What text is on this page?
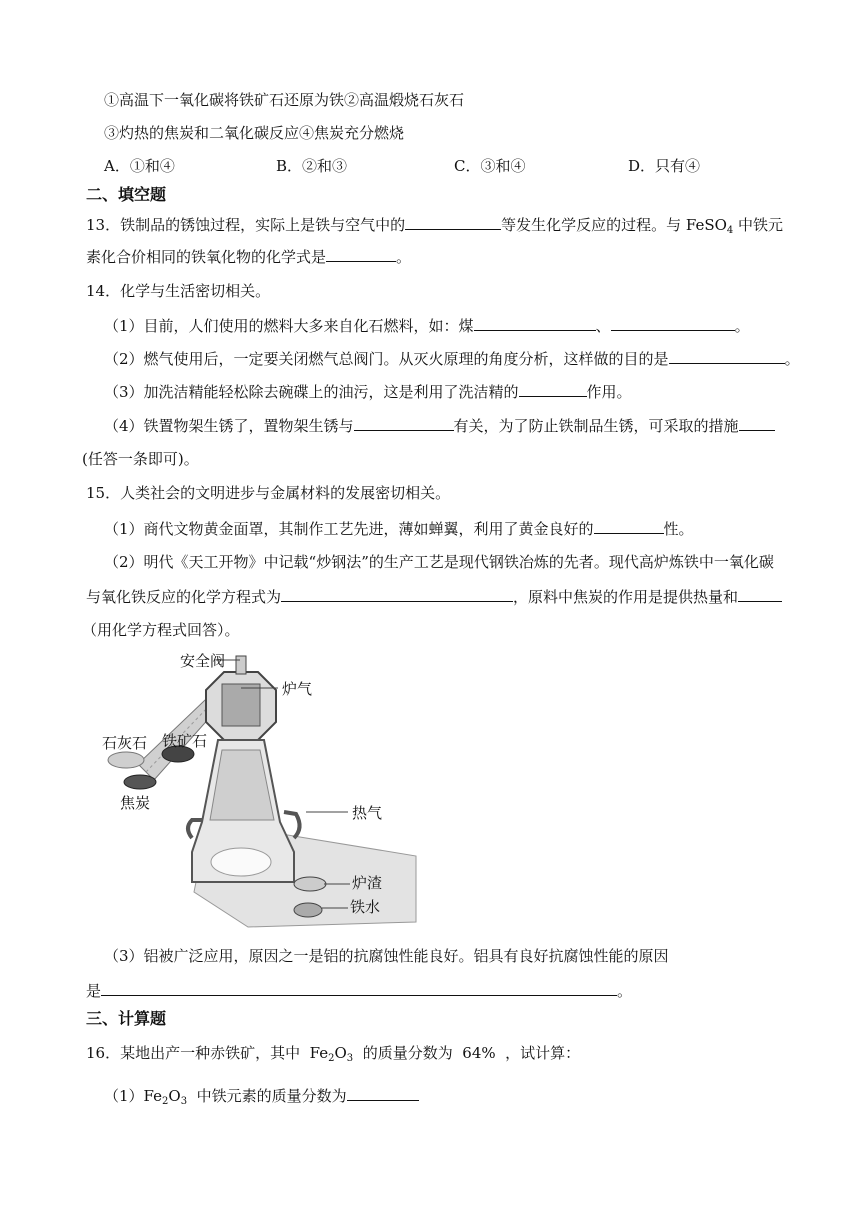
①高温下一氧化碳将铁矿石还原为铁②高温煅烧石灰石
③灼热的焦炭和二氧化碳反应④焦炭充分燃烧
A．①和④	B．②和③	C．③和④	D．只有④
二、填空题
13．铁制品的锈蚀过程，实际上是铁与空气中的	等发生化学反应的过程。与 FeSO$_4$ 中铁元
素化合价相同的铁氧化物的化学式是	。
14．化学与生活密切相关。
（1）目前，人们使用的燃料大多来自化石燃料，如：煤	、	。
（2）燃气使用后，一定要关闭燃气总阀门。从灭火原理的角度分析，这样做的目的是	。
（3）加洗洁精能轻松除去碗碟上的油污，这是利用了洗洁精的	作用。
（4）铁置物架生锈了，置物架生锈与	有关，为了防止铁制品生锈，可采取的措施
(任答一条即可)。
15．人类社会的文明进步与金属材料的发展密切相关。
（1）商代文物黄金面罩，其制作工艺先进，薄如蝉翼，利用了黄金良好的	性。
（2）明代《天工开物》中记载“炒钢法”的生产工艺是现代钢铁冶炼的先者。现代高炉炼铁中一氧化碳
与氧化铁反应的化学方程式为	，原料中焦炭的作用是提供热量和
（用化学方程式回答）。
安全阀
炉气
石灰石 铁矿石
焦炭
热气
炉渣
铁水
（3）铝被广泛应用，原因之一是铝的抗腐蚀性能良好。铝具有良好抗腐蚀性能的原因
是	。
三、计算题
16．某地出产一种赤铁矿，其中 $Fe_2O_3$ 的质量分数为 64% ，试计算：
$(1)Fe_2O_3$ 中铁元素的质量分数为
